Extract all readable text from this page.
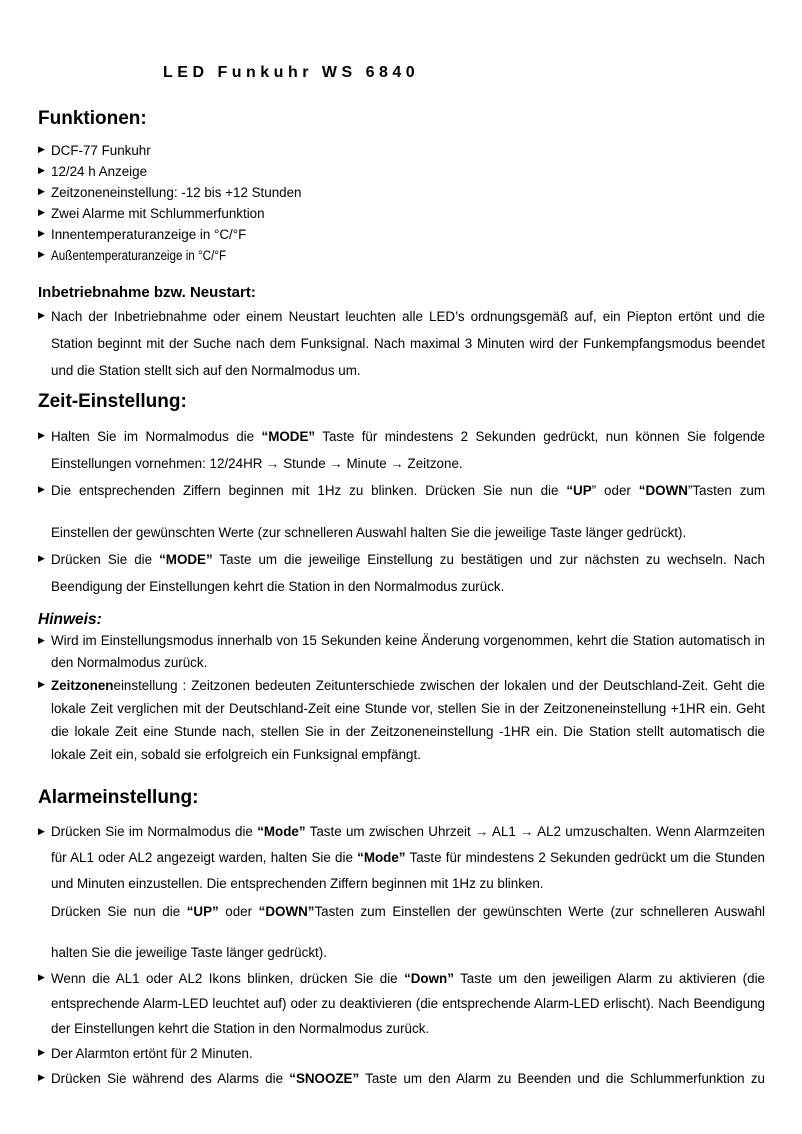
LED Funkuhr WS 6840
Funktionen:
▶ DCF-77 Funkuhr
▶ 12/24 h Anzeige
▶ Zeitzoneneinstellung: -12 bis +12 Stunden
▶ Zwei Alarme mit Schlummerfunktion
▶ Innentemperaturanzeige in °C/°F
▶ Außentemperaturanzeige in °C/°F
Inbetriebnahme bzw. Neustart:
▶ Nach der Inbetriebnahme oder einem Neustart leuchten alle LED’s ordnungsgemäß auf, ein Piepton ertönt und die Station beginnt mit der Suche nach dem Funksignal. Nach maximal 3 Minuten wird der Funkempfangsmodus beendet und die Station stellt sich auf den Normalmodus um.
Zeit-Einstellung:
▶ Halten Sie im Normalmodus die “MODE” Taste für mindestens 2 Sekunden gedrückt, nun können Sie folgende Einstellungen vornehmen: 12/24HR → Stunde → Minute → Zeitzone.
▶ Die entsprechenden Ziffern beginnen mit 1Hz zu blinken. Drücken Sie nun die “UP” oder “DOWN”Tasten zum
Einstellen der gewünschten Werte (zur schnelleren Auswahl halten Sie die jeweilige Taste länger gedrückt).
▶ Drücken Sie die “MODE” Taste um die jeweilige Einstellung zu bestätigen und zur nächsten zu wechseln. Nach Beendigung der Einstellungen kehrt die Station in den Normalmodus zurück.
Hinweis:
▶ Wird im Einstellungsmodus innerhalb von 15 Sekunden keine Änderung vorgenommen, kehrt die Station automatisch in den Normalmodus zurück.
▶ Zeitzoneneinstellung : Zeitzonen bedeuten Zeitunterschiede zwischen der lokalen und der Deutschland-Zeit. Geht die lokale Zeit verglichen mit der Deutschland-Zeit eine Stunde vor, stellen Sie in der Zeitzoneneinstellung +1HR ein. Geht die lokale Zeit eine Stunde nach, stellen Sie in der Zeitzoneneinstellung -1HR ein. Die Station stellt automatisch die lokale Zeit ein, sobald sie erfolgreich ein Funksignal empfängt.
Alarmeinstellung:
▶ Drücken Sie im Normalmodus die “Mode” Taste um zwischen Uhrzeit → AL1 → AL2 umzuschalten. Wenn Alarmzeiten für AL1 oder AL2 angezeigt warden, halten Sie die “Mode” Taste für mindestens 2 Sekunden gedrückt um die Stunden und Minuten einzustellen. Die entsprechenden Ziffern beginnen mit 1Hz zu blinken.
Drücken Sie nun die “UP” oder “DOWN”Tasten zum Einstellen der gewünschten Werte (zur schnelleren Auswahl
halten Sie die jeweilige Taste länger gedrückt).
▶ Wenn die AL1 oder AL2 Ikons blinken, drücken Sie die “Down” Taste um den jeweiligen Alarm zu aktivieren (die entsprechende Alarm-LED leuchtet auf) oder zu deaktivieren (die entsprechende Alarm-LED erlischt). Nach Beendigung der Einstellungen kehrt die Station in den Normalmodus zurück.
▶ Der Alarmton ertönt für 2 Minuten.
▶ Drücken Sie während des Alarms die “SNOOZE” Taste um den Alarm zu Beenden und die Schlummerfunktion zu
